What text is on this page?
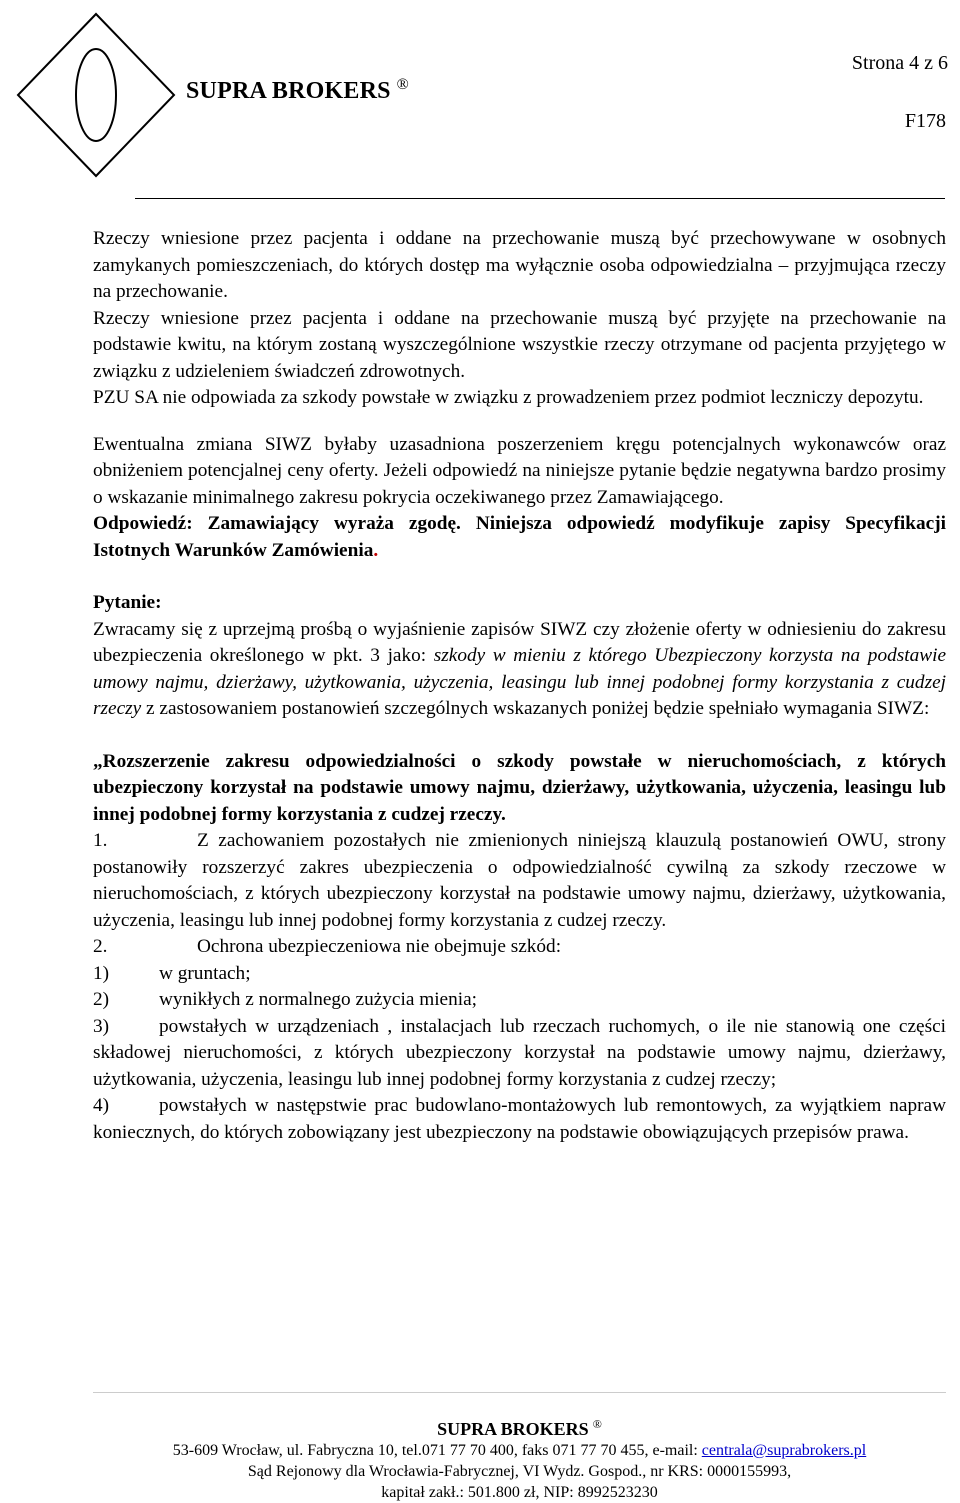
SUPRA BROKERS ®
Strona 4 z 6
F178

Rzeczy wniesione przez pacjenta i oddane na przechowanie muszą być przechowywane w osobnych zamykanych pomieszczeniach, do których dostęp ma wyłącznie osoba odpowiedzialna – przyjmująca rzeczy na przechowanie.

Rzeczy wniesione przez pacjenta i oddane na przechowanie muszą być przyjęte na przechowanie na podstawie kwitu, na którym zostaną wyszczególnione wszystkie rzeczy otrzymane od pacjenta przyjętego w związku z udzieleniem świadczeń zdrowotnych.

PZU SA nie odpowiada za szkody powstałe w związku z prowadzeniem przez podmiot leczniczy depozytu.

Ewentualna zmiana SIWZ byłaby uzasadniona poszerzeniem kręgu potencjalnych wykonawców oraz obniżeniem potencjalnej ceny oferty. Jeżeli odpowiedź na niniejsze pytanie będzie negatywna bardzo prosimy o wskazanie minimalnego zakresu pokrycia oczekiwanego przez Zamawiającego.

Odpowiedź: Zamawiający wyraża zgodę. Niniejsza odpowiedź modyfikuje zapisy Specyfikacji Istotnych Warunków Zamówienia.

Pytanie:

Zwracamy się z uprzejmą prośbą o wyjaśnienie zapisów SIWZ czy złożenie oferty w odniesieniu do zakresu ubezpieczenia określonego w pkt. 3 jako: szkody w mieniu z którego Ubezpieczony korzysta na podstawie umowy najmu, dzierżawy, użytkowania, użyczenia, leasingu lub innej podobnej formy korzystania z cudzej rzeczy z zastosowaniem postanowień szczególnych wskazanych poniżej będzie spełniało wymagania SIWZ:

„Rozszerzenie zakresu odpowiedzialności o szkody powstałe w nieruchomościach, z których ubezpieczony korzystał na podstawie umowy najmu, dzierżawy, użytkowania, użyczenia, leasingu lub innej podobnej formy korzystania z cudzej rzeczy.

1.	Z zachowaniem pozostałych nie zmienionych niniejszą klauzulą postanowień OWU, strony postanowiły rozszerzyć zakres ubezpieczenia o odpowiedzialność cywilną za szkody rzeczowe w nieruchomościach, z których ubezpieczony korzystał na podstawie umowy najmu, dzierżawy, użytkowania, użyczenia, leasingu lub innej podobnej formy korzystania z cudzej rzeczy.

2.	Ochrona ubezpieczeniowa nie obejmuje szkód:

1)	w gruntach;

2)	wynikłych z normalnego zużycia mienia;

3)	powstałych w urządzeniach , instalacjach lub rzeczach ruchomych, o ile nie stanowią one części składowej nieruchomości, z których ubezpieczony korzystał na podstawie umowy najmu, dzierżawy, użytkowania, użyczenia, leasingu lub innej podobnej formy korzystania z cudzej rzeczy;

4)	powstałych w następstwie prac budowlano-montażowych lub remontowych, za wyjątkiem napraw koniecznych, do których zobowiązany jest ubezpieczony na podstawie obowiązujących przepisów prawa.

SUPRA BROKERS ®
53-609 Wrocław, ul. Fabryczna 10, tel.071 77 70 400, faks 071 77 70 455, e-mail: centrala@suprabrokers.pl
Sąd Rejonowy dla Wrocławia-Fabrycznej, VI Wydz. Gospod., nr KRS: 0000155993,
kapitał zakł.: 501.800 zł, NIP: 8992523230
